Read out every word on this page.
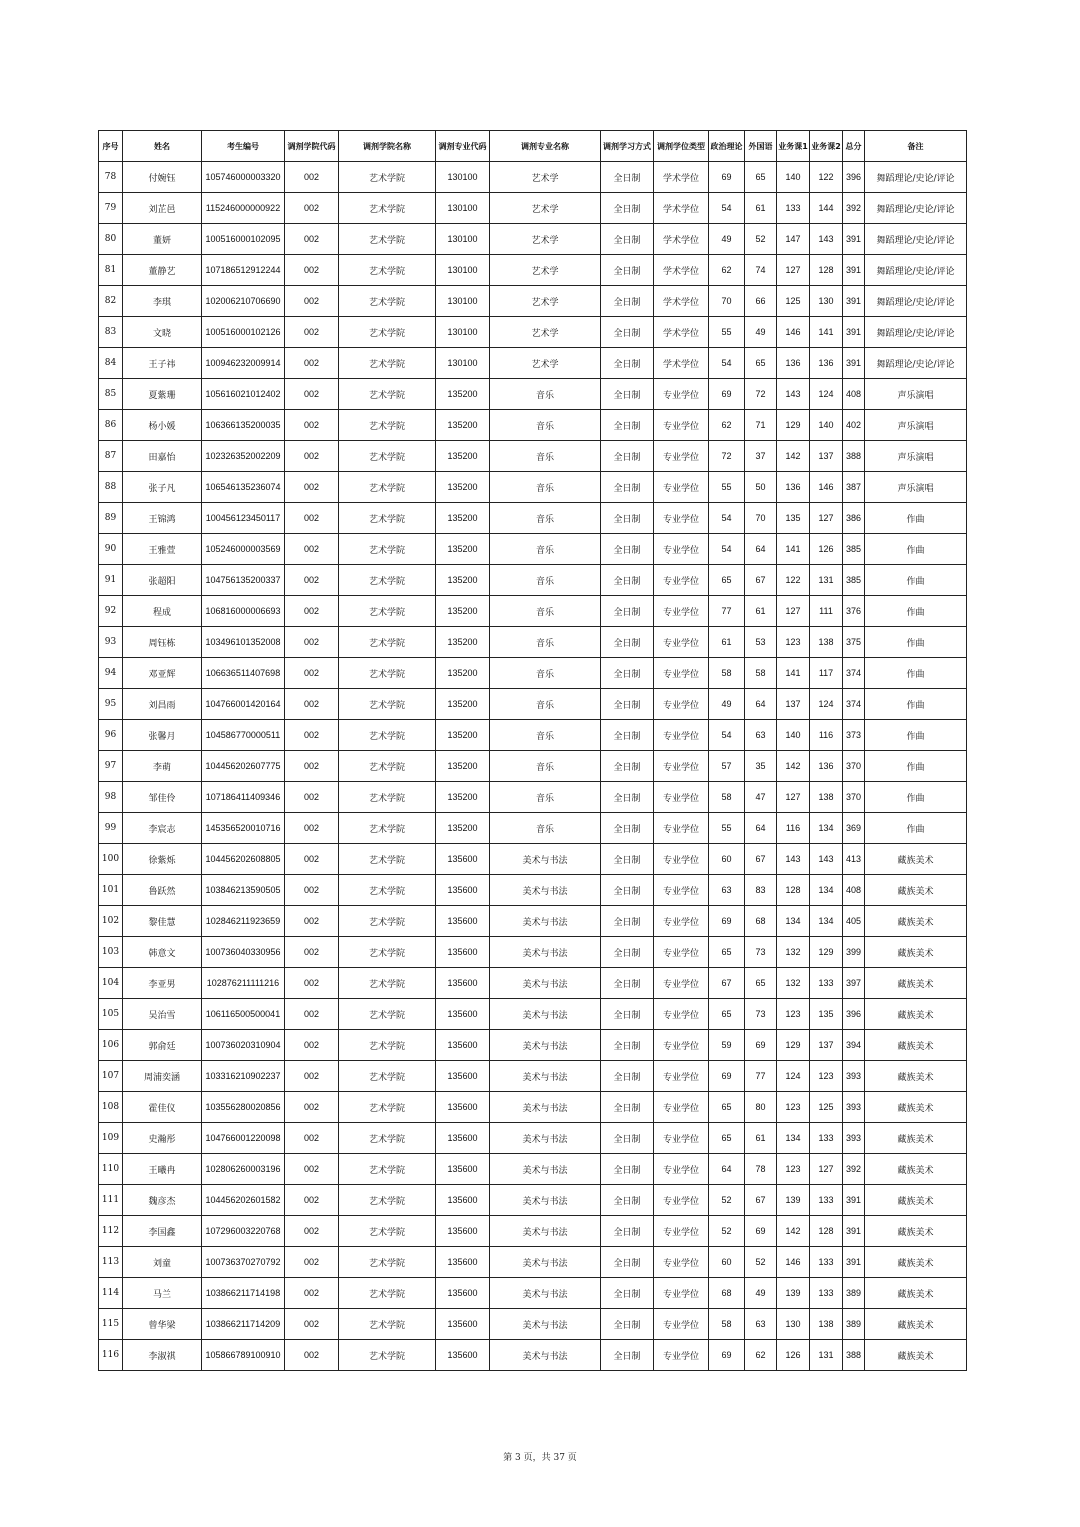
序号	姓名	考生编号	调剂学院代码	调剂学院名称	调剂专业代码	调剂专业名称	调剂学习方式	调剂学位类型	政治理论	外国语	业务课1	业务课2	总分	备注
78	付婉钰	105746000003320	002	艺术学院	130100	艺术学	全日制	学术学位	69	65	140	122	396	舞蹈理论/史论/评论
79	刘芷邑	115246000000922	002	艺术学院	130100	艺术学	全日制	学术学位	54	61	133	144	392	舞蹈理论/史论/评论
80	董妍	100516000102095	002	艺术学院	130100	艺术学	全日制	学术学位	49	52	147	143	391	舞蹈理论/史论/评论
81	董静艺	107186512912244	002	艺术学院	130100	艺术学	全日制	学术学位	62	74	127	128	391	舞蹈理论/史论/评论
82	李琪	102006210706690	002	艺术学院	130100	艺术学	全日制	学术学位	70	66	125	130	391	舞蹈理论/史论/评论
83	文晓	100516000102126	002	艺术学院	130100	艺术学	全日制	学术学位	55	49	146	141	391	舞蹈理论/史论/评论
84	王子祎	100946232009914	002	艺术学院	130100	艺术学	全日制	学术学位	54	65	136	136	391	舞蹈理论/史论/评论
85	夏紫珊	105616021012402	002	艺术学院	135200	音乐	全日制	专业学位	69	72	143	124	408	声乐演唱
86	杨小媛	106366135200035	002	艺术学院	135200	音乐	全日制	专业学位	62	71	129	140	402	声乐演唱
87	田嘉怡	102326352002209	002	艺术学院	135200	音乐	全日制	专业学位	72	37	142	137	388	声乐演唱
88	张子凡	106546135236074	002	艺术学院	135200	音乐	全日制	专业学位	55	50	136	146	387	声乐演唱
89	王锦鸿	100456123450117	002	艺术学院	135200	音乐	全日制	专业学位	54	70	135	127	386	作曲
90	王雅萱	105246000003569	002	艺术学院	135200	音乐	全日制	专业学位	54	64	141	126	385	作曲
91	张超阳	104756135200337	002	艺术学院	135200	音乐	全日制	专业学位	65	67	122	131	385	作曲
92	程成	106816000006693	002	艺术学院	135200	音乐	全日制	专业学位	77	61	127	111	376	作曲
93	周钰栋	103496101352008	002	艺术学院	135200	音乐	全日制	专业学位	61	53	123	138	375	作曲
94	邓亚辉	106636511407698	002	艺术学院	135200	音乐	全日制	专业学位	58	58	141	117	374	作曲
95	刘昌雨	104766001420164	002	艺术学院	135200	音乐	全日制	专业学位	49	64	137	124	374	作曲
96	张馨月	104586770000511	002	艺术学院	135200	音乐	全日制	专业学位	54	63	140	116	373	作曲
97	李萌	104456202607775	002	艺术学院	135200	音乐	全日制	专业学位	57	35	142	136	370	作曲
98	邹佳伶	107186411409346	002	艺术学院	135200	音乐	全日制	专业学位	58	47	127	138	370	作曲
99	李宸志	145356520010716	002	艺术学院	135200	音乐	全日制	专业学位	55	64	116	134	369	作曲
100	徐紫烁	104456202608805	002	艺术学院	135600	美术与书法	全日制	专业学位	60	67	143	143	413	藏族美术
101	鲁跃然	103846213590505	002	艺术学院	135600	美术与书法	全日制	专业学位	63	83	128	134	408	藏族美术
102	黎佳慧	102846211923659	002	艺术学院	135600	美术与书法	全日制	专业学位	69	68	134	134	405	藏族美术
103	韩意文	100736040330956	002	艺术学院	135600	美术与书法	全日制	专业学位	65	73	132	129	399	藏族美术
104	李亚男	102876211111216	002	艺术学院	135600	美术与书法	全日制	专业学位	67	65	132	133	397	藏族美术
105	吴治雪	106116500500041	002	艺术学院	135600	美术与书法	全日制	专业学位	65	73	123	135	396	藏族美术
106	郭俞廷	100736020310904	002	艺术学院	135600	美术与书法	全日制	专业学位	59	69	129	137	394	藏族美术
107	周浦奕涵	103316210902237	002	艺术学院	135600	美术与书法	全日制	专业学位	69	77	124	123	393	藏族美术
108	霍佳仪	103556280020856	002	艺术学院	135600	美术与书法	全日制	专业学位	65	80	123	125	393	藏族美术
109	史瀚彤	104766001220098	002	艺术学院	135600	美术与书法	全日制	专业学位	65	61	134	133	393	藏族美术
110	王曦冉	102806260003196	002	艺术学院	135600	美术与书法	全日制	专业学位	64	78	123	127	392	藏族美术
111	魏彦杰	104456202601582	002	艺术学院	135600	美术与书法	全日制	专业学位	52	67	139	133	391	藏族美术
112	李国鑫	107296003220768	002	艺术学院	135600	美术与书法	全日制	专业学位	52	69	142	128	391	藏族美术
113	刘童	100736370270792	002	艺术学院	135600	美术与书法	全日制	专业学位	60	52	146	133	391	藏族美术
114	马兰	103866211714198	002	艺术学院	135600	美术与书法	全日制	专业学位	68	49	139	133	389	藏族美术
115	曾华梁	103866211714209	002	艺术学院	135600	美术与书法	全日制	专业学位	58	63	130	138	389	藏族美术
116	李淑祺	105866789100910	002	艺术学院	135600	美术与书法	全日制	专业学位	69	62	126	131	388	藏族美术
第 3 页，共 37 页
